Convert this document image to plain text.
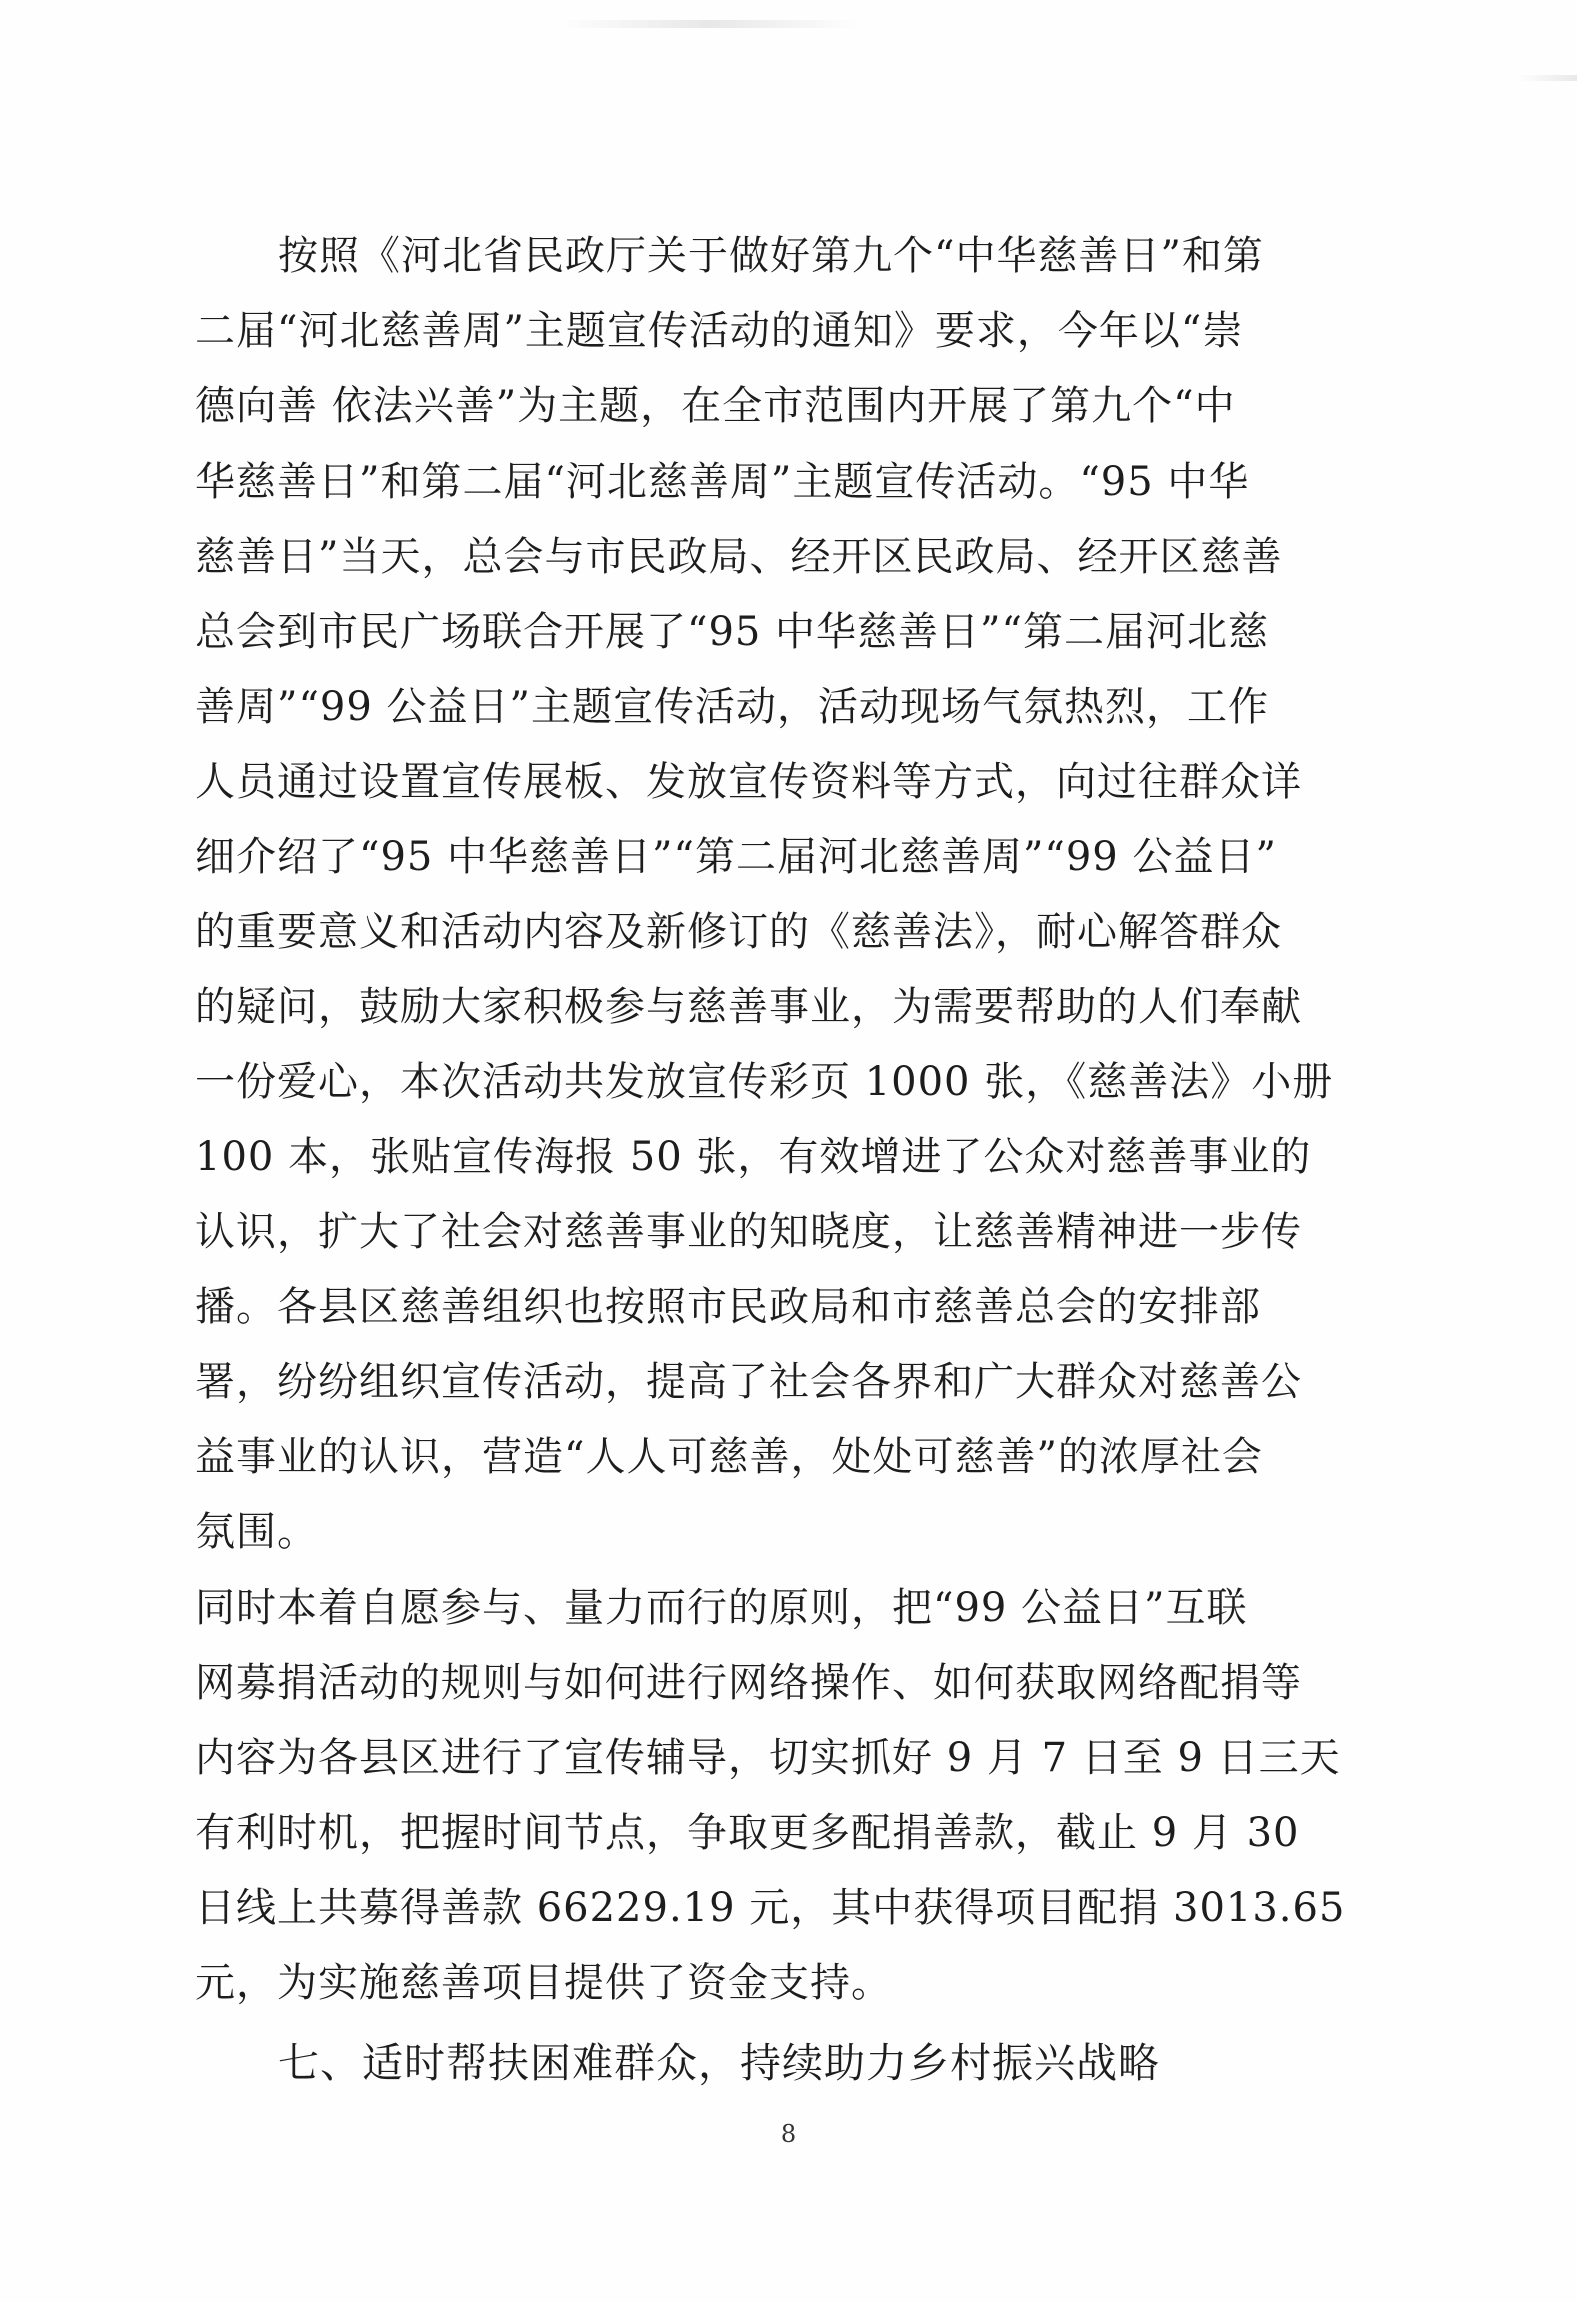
按照《河北省民政厅关于做好第九个“中华慈善日”和第
二届“河北慈善周”主题宣传活动的通知》要求，今年以“崇
德向善 依法兴善”为主题，在全市范围内开展了第九个“中
华慈善日”和第二届“河北慈善周”主题宣传活动。“95 中华
慈善日”当天，总会与市民政局、经开区民政局、经开区慈善
总会到市民广场联合开展了“95 中华慈善日”“第二届河北慈
善周”“99 公益日”主题宣传活动，活动现场气氛热烈，工作
人员通过设置宣传展板、发放宣传资料等方式，向过往群众详
细介绍了“95 中华慈善日”“第二届河北慈善周”“99 公益日”
的重要意义和活动内容及新修订的《慈善法》，耐心解答群众
的疑问，鼓励大家积极参与慈善事业，为需要帮助的人们奉献
一份爱心，本次活动共发放宣传彩页 1000 张，《慈善法》小册
100 本，张贴宣传海报 50 张，有效增进了公众对慈善事业的
认识，扩大了社会对慈善事业的知晓度，让慈善精神进一步传
播。各县区慈善组织也按照市民政局和市慈善总会的安排部
署，纷纷组织宣传活动，提高了社会各界和广大群众对慈善公
益事业的认识，营造“人人可慈善，处处可慈善”的浓厚社会
氛围。
同时本着自愿参与、量力而行的原则，把“99 公益日”互联
网募捐活动的规则与如何进行网络操作、如何获取网络配捐等
内容为各县区进行了宣传辅导，切实抓好 9 月 7 日至 9 日三天
有利时机，把握时间节点，争取更多配捐善款，截止 9 月 30
日线上共募得善款 66229.19 元，其中获得项目配捐 3013.65
元，为实施慈善项目提供了资金支持。
七、适时帮扶困难群众，持续助力乡村振兴战略
8
